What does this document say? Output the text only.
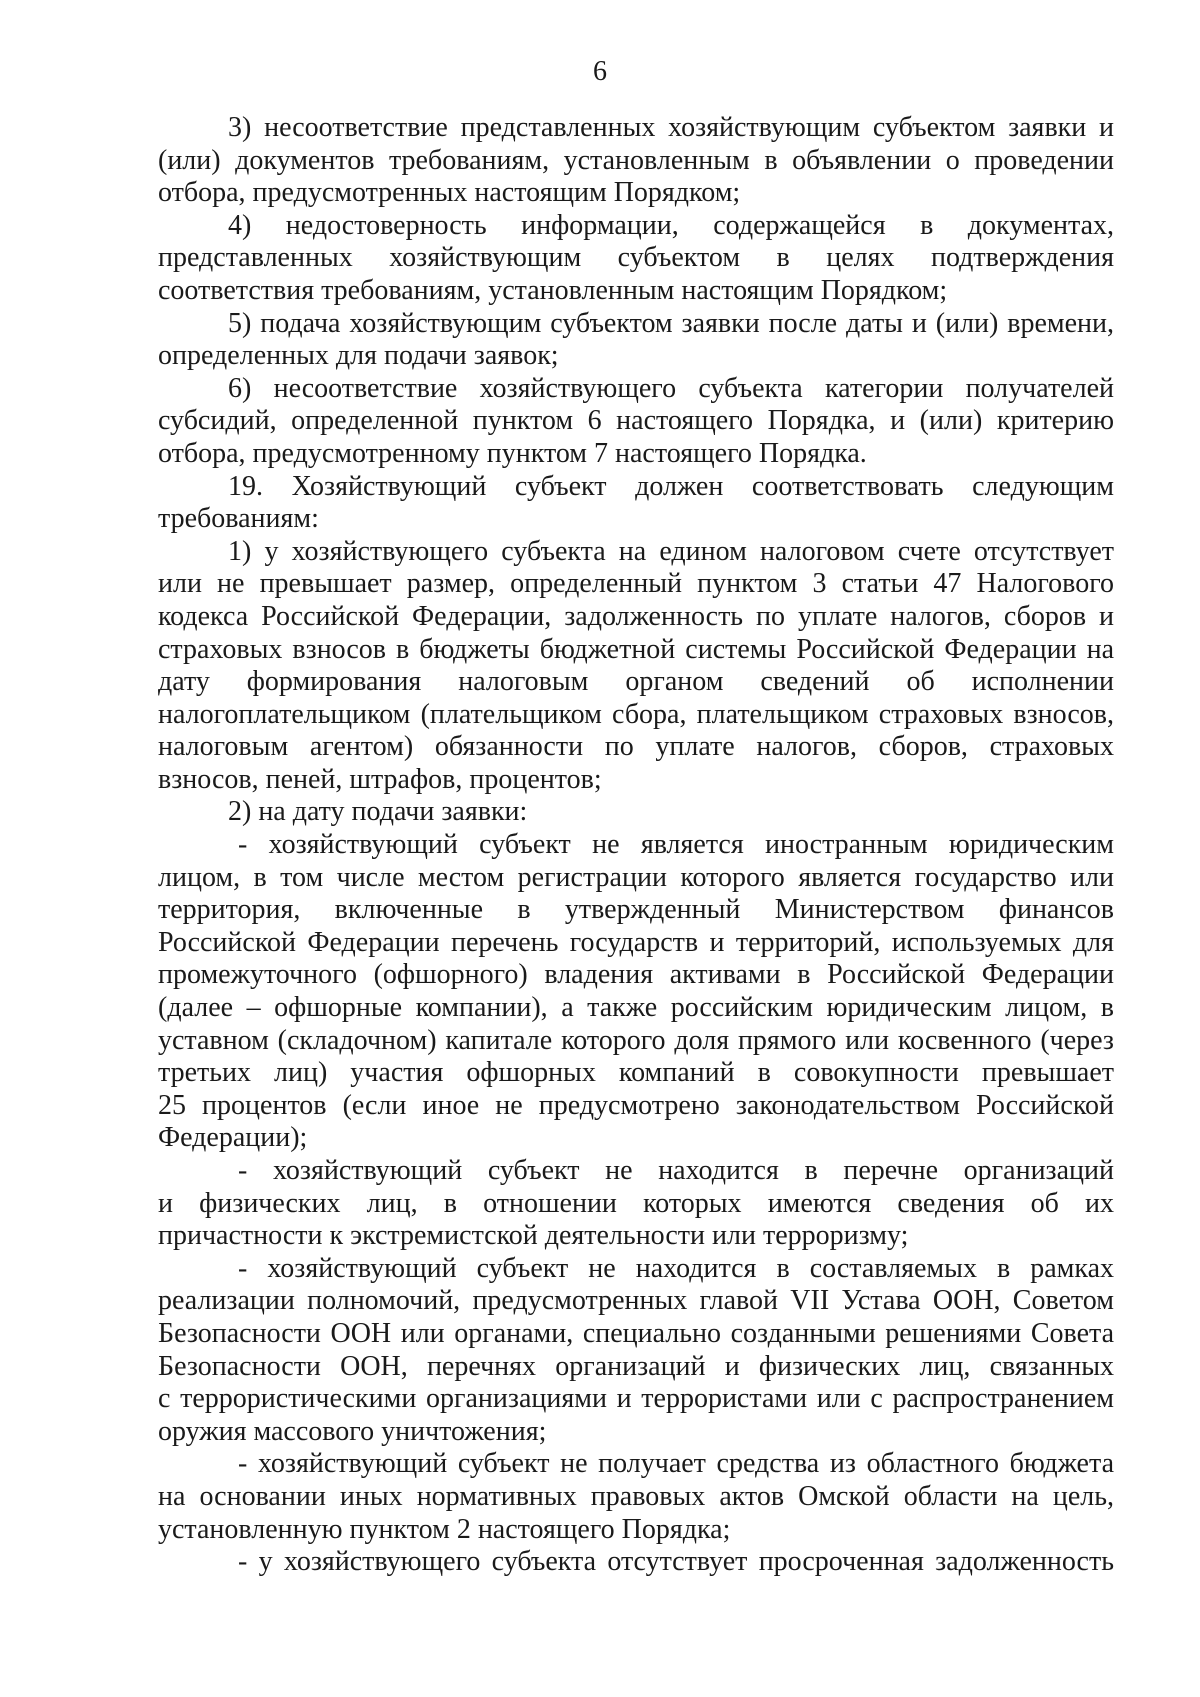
6
3) несоответствие представленных хозяйствующим субъектом заявки и
(или) документов требованиям, установленным в объявлении о проведении
отбора, предусмотренных настоящим Порядком;
4) недостоверность информации, содержащейся в документах,
представленных хозяйствующим субъектом в целях подтверждения
соответствия требованиям, установленным настоящим Порядком;
5) подача хозяйствующим субъектом заявки после даты и (или) времени,
определенных для подачи заявок;
6) несоответствие хозяйствующего субъекта категории получателей
субсидий, определенной пунктом 6 настоящего Порядка, и (или) критерию
отбора, предусмотренному пунктом 7 настоящего Порядка.
19. Хозяйствующий субъект должен соответствовать следующим
требованиям:
1) у хозяйствующего субъекта на едином налоговом счете отсутствует
или не превышает размер, определенный пунктом 3 статьи 47 Налогового
кодекса Российской Федерации, задолженность по уплате налогов, сборов и
страховых взносов в бюджеты бюджетной системы Российской Федерации на
дату формирования налоговым органом сведений об исполнении
налогоплательщиком (плательщиком сбора, плательщиком страховых взносов,
налоговым агентом) обязанности по уплате налогов, сборов, страховых
взносов, пеней, штрафов, процентов;
2) на дату подачи заявки:
- хозяйствующий субъект не является иностранным юридическим
лицом, в том числе местом регистрации которого является государство или
территория, включенные в утвержденный Министерством финансов
Российской Федерации перечень государств и территорий, используемых для
промежуточного (офшорного) владения активами в Российской Федерации
(далее – офшорные компании), а также российским юридическим лицом, в
уставном (складочном) капитале которого доля прямого или косвенного (через
третьих лиц) участия офшорных компаний в совокупности превышает
25 процентов (если иное не предусмотрено законодательством Российской
Федерации);
- хозяйствующий субъект не находится в перечне организаций
и физических лиц, в отношении которых имеются сведения об их
причастности к экстремистской деятельности или терроризму;
- хозяйствующий субъект не находится в составляемых в рамках
реализации полномочий, предусмотренных главой VII Устава ООН, Советом
Безопасности ООН или органами, специально созданными решениями Совета
Безопасности ООН, перечнях организаций и физических лиц, связанных
с террористическими организациями и террористами или с распространением
оружия массового уничтожения;
- хозяйствующий субъект не получает средства из областного бюджета
на основании иных нормативных правовых актов Омской области на цель,
установленную пунктом 2 настоящего Порядка;
- у хозяйствующего субъекта отсутствует просроченная задолженность
